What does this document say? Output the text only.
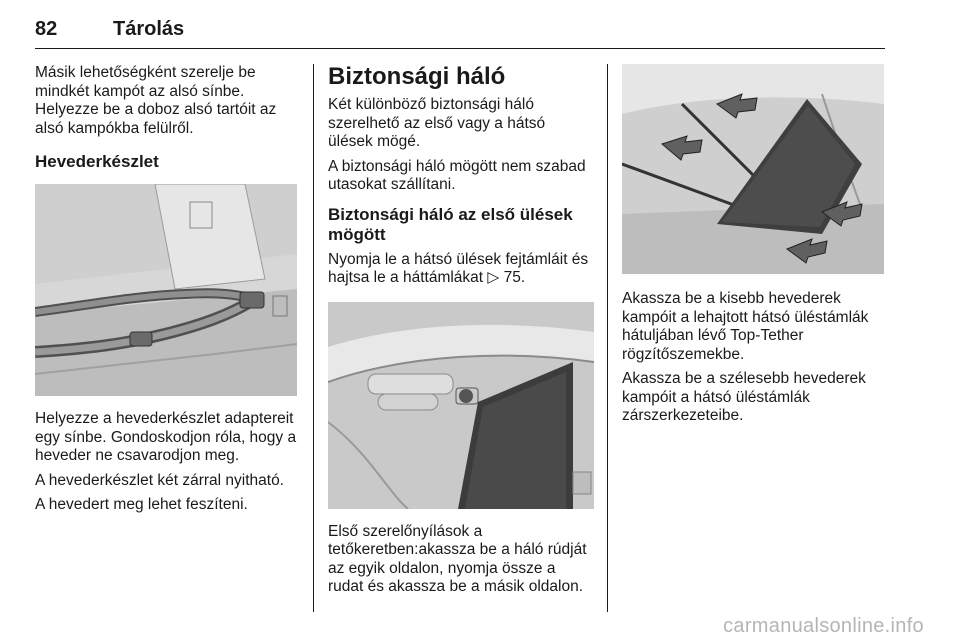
82	Tárolás

Másik lehetőségként szerelje be mindkét kampót az alsó sínbe. Helyezze be a doboz alsó tartóit az alsó kampókba felülről.

Hevederkészlet

Helyezze a hevederkészlet adaptereit egy sínbe. Gondoskodjon róla, hogy a heveder ne csavarodjon meg.

A hevederkészlet két zárral nyitható.

A hevedert meg lehet feszíteni.

Biztonsági háló

Két különböző biztonsági háló szerelhető az első vagy a hátsó ülések mögé.

A biztonsági háló mögött nem szabad utasokat szállítani.

Biztonsági háló az első ülések mögött

Nyomja le a hátsó ülések fejtámláit és hajtsa le a háttámlákat ▷ 75.

Első szerelőnyílások a tetőkeretben:akassza be a háló rúdját az egyik oldalon, nyomja össze a rudat és akassza be a másik oldalon.

Akassza be a kisebb hevederek kampóit a lehajtott hátsó üléstámlák hátuljában lévő Top-Tether rögzítőszemekbe.

Akassza be a szélesebb hevederek kampóit a hátsó üléstámlák zárszerkezeteibe.

carmanualsonline.info
